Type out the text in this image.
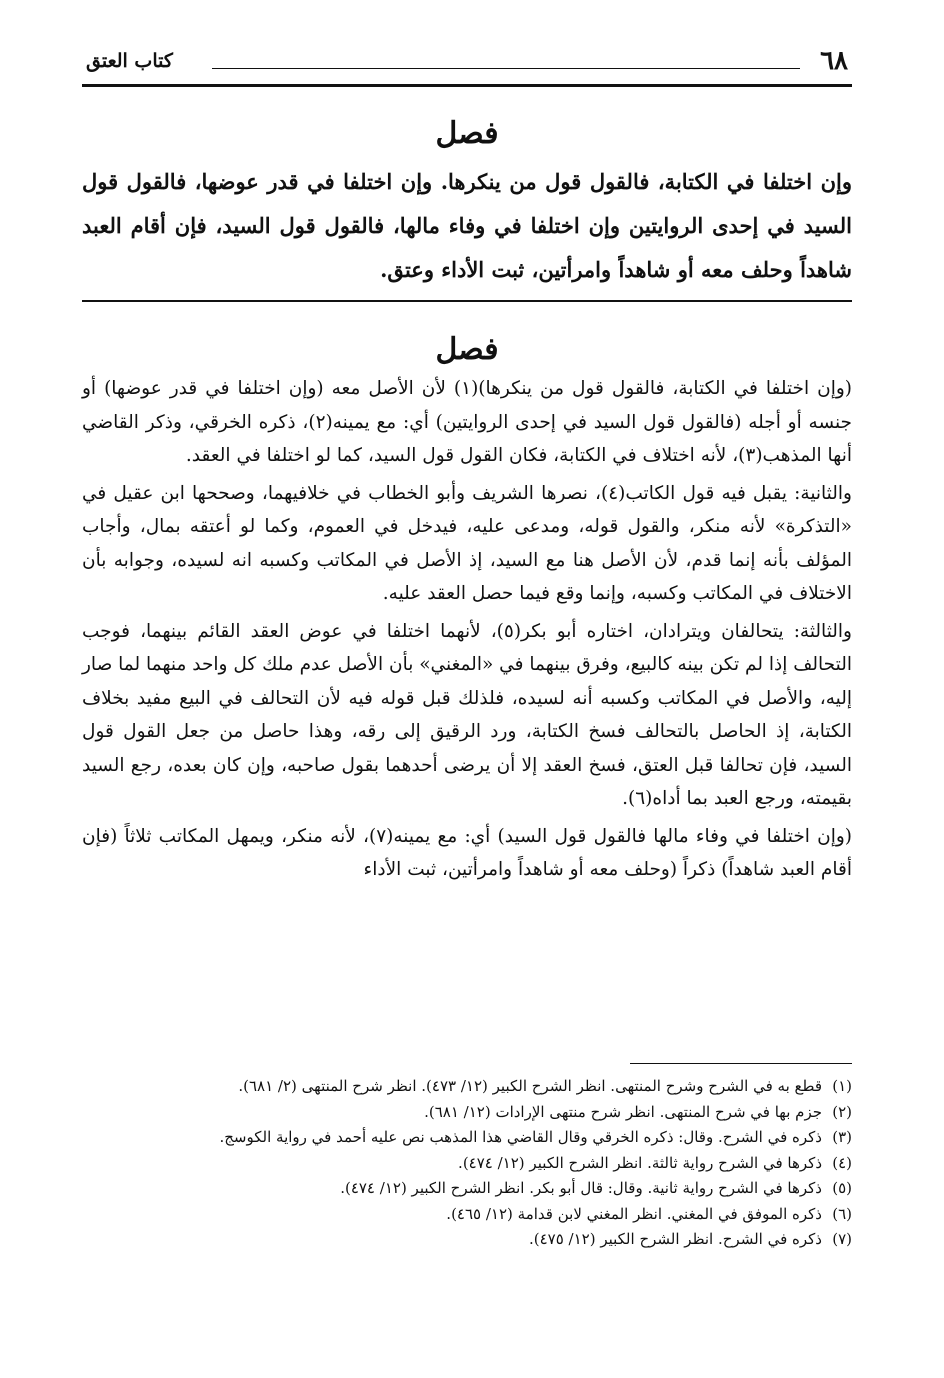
٦٨
كتاب العتق
فصل

وإن اختلفا في الكتابة، فالقول قول من ينكرها. وإن اختلفا في قدر عوضها، فالقول قول السيد في إحدى الروايتين وإن اختلفا في وفاء مالها، فالقول قول السيد، فإن أقام العبد شاهداً وحلف معه أو شاهداً وامرأتين، ثبت الأداء وعتق.

فصل

(وإن اختلفا في الكتابة، فالقول قول من ينكرها)(١) لأن الأصل معه (وإن اختلفا في قدر عوضها) أو جنسه أو أجله (فالقول قول السيد في إحدى الروايتين) أي: مع يمينه(٢)، ذكره الخرقي، وذكر القاضي أنها المذهب(٣)، لأنه اختلاف في الكتابة، فكان القول قول السيد، كما لو اختلفا في العقد.

والثانية: يقبل فيه قول الكاتب(٤)، نصرها الشريف وأبو الخطاب في خلافيهما، وصححها ابن عقيل في «التذكرة» لأنه منكر، والقول قوله، ومدعى عليه، فيدخل في العموم، وكما لو أعتقه بمال، وأجاب المؤلف بأنه إنما قدم، لأن الأصل هنا مع السيد، إذ الأصل في المكاتب وكسبه انه لسيده، وجوابه بأن الاختلاف في المكاتب وكسبه، وإنما وقع فيما حصل العقد عليه.

والثالثة: يتحالفان ويترادان، اختاره أبو بكر(٥)، لأنهما اختلفا في عوض العقد القائم بينهما، فوجب التحالف إذا لم تكن بينه كالبيع، وفرق بينهما في «المغني» بأن الأصل عدم ملك كل واحد منهما لما صار إليه، والأصل في المكاتب وكسبه أنه لسيده، فلذلك قبل قوله فيه لأن التحالف في البيع مفيد بخلاف الكتابة، إذ الحاصل بالتحالف فسخ الكتابة، ورد الرقيق إلى رقه، وهذا حاصل من جعل القول قول السيد، فإن تحالفا قبل العتق، فسخ العقد إلا أن يرضى أحدهما بقول صاحبه، وإن كان بعده، رجع السيد بقيمته، ورجع العبد بما أداه(٦).

(وإن اختلفا في وفاء مالها فالقول قول السيد) أي: مع يمينه(٧)، لأنه منكر، ويمهل المكاتب ثلاثاً (فإن أقام العبد شاهداً) ذكراً (وحلف معه أو شاهداً وامرأتين، ثبت الأداء

(١)قطع به في الشرح وشرح المنتهى. انظر الشرح الكبير (١٢/ ٤٧٣). انظر شرح المنتهى (٢/ ٦٨١).
(٢)جزم بها في شرح المنتهى. انظر شرح منتهى الإرادات (١٢/ ٦٨١).
(٣)ذكره في الشرح. وقال: ذكره الخرقي وقال القاضي هذا المذهب نص عليه أحمد في رواية الكوسج.
(٤)ذكرها في الشرح رواية ثالثة. انظر الشرح الكبير (١٢/ ٤٧٤).
(٥)ذكرها في الشرح رواية ثانية. وقال: قال أبو بكر. انظر الشرح الكبير (١٢/ ٤٧٤).
(٦)ذكره الموفق في المغني. انظر المغني لابن قدامة (١٢/ ٤٦٥).
(٧)ذكره في الشرح. انظر الشرح الكبير (١٢/ ٤٧٥).
